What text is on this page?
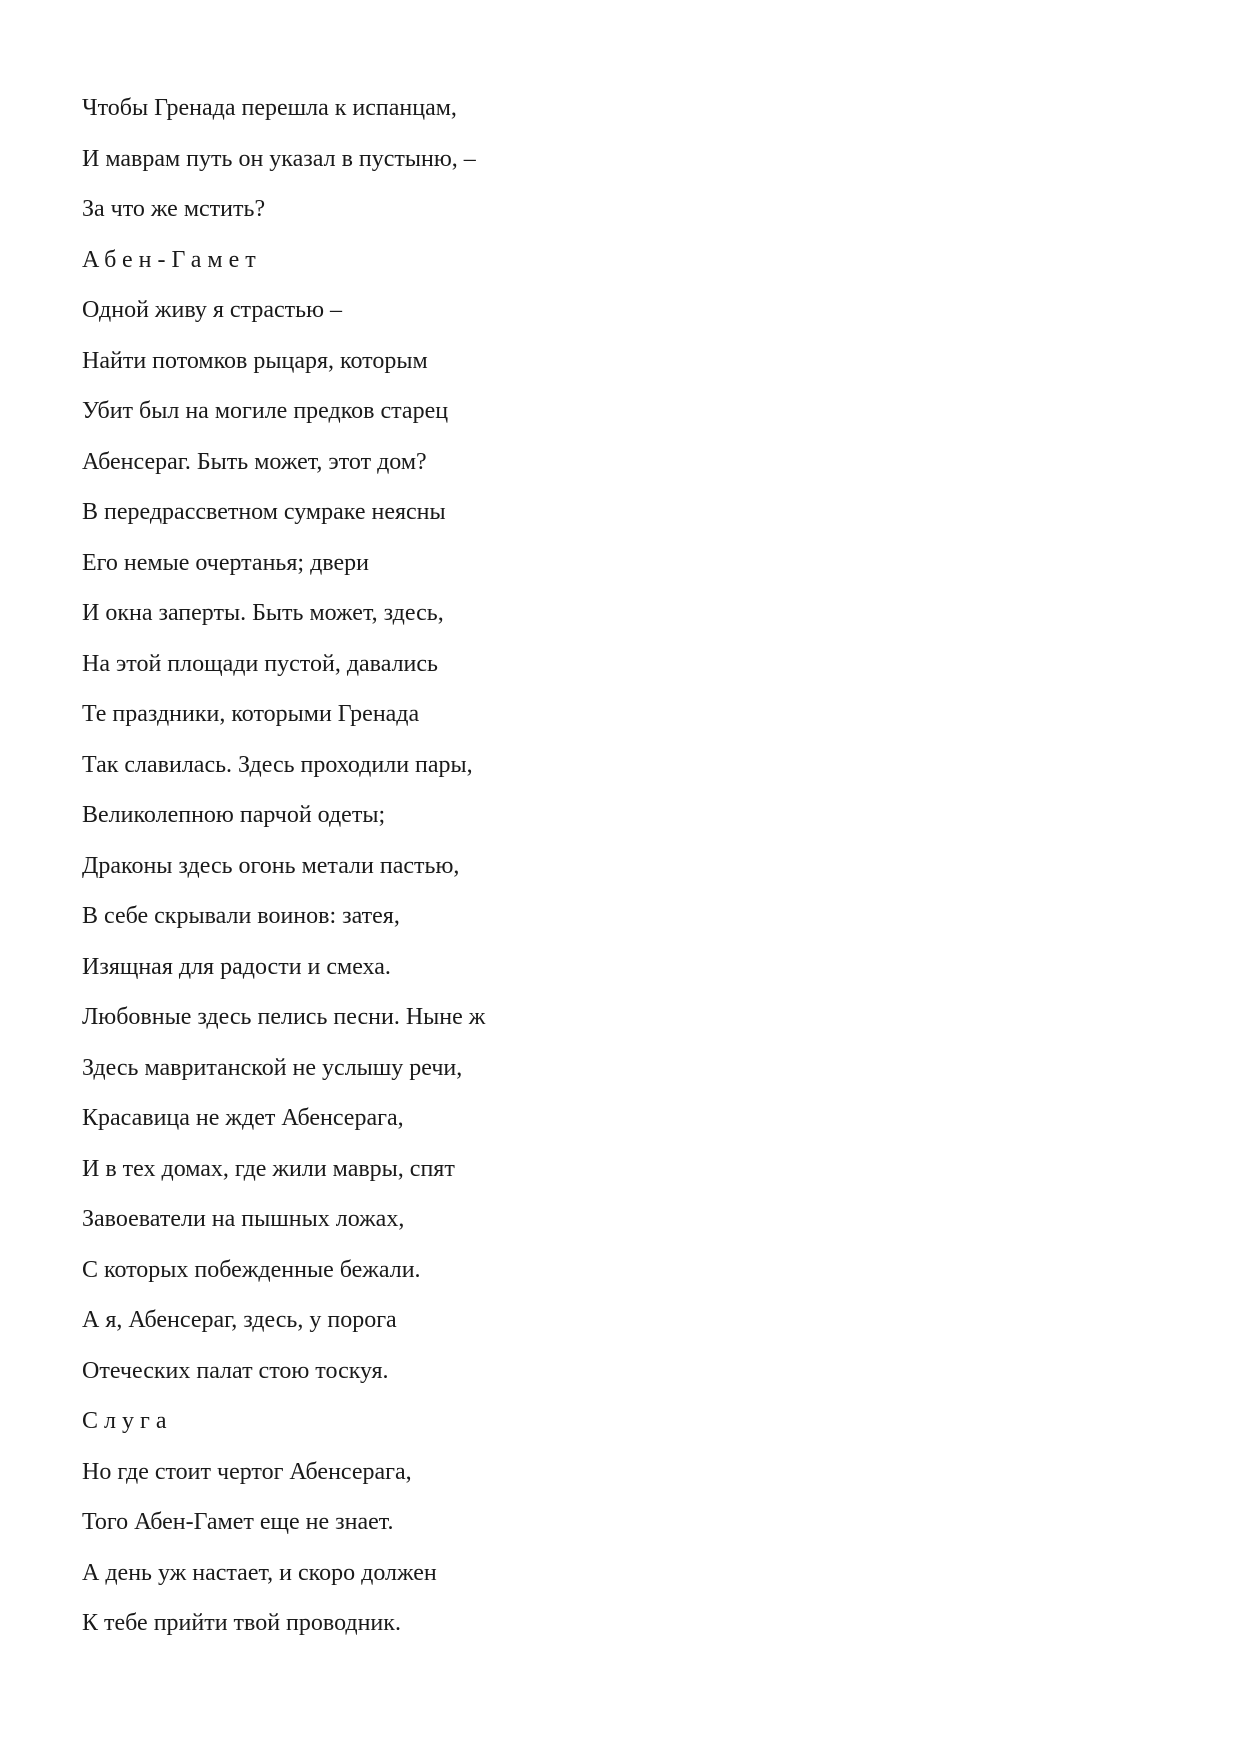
Чтобы Гренада перешла к испанцам,
И маврам путь он указал в пустыню, –
За что же мстить?
Абен-Гамет
Одной живу я страстью –
Найти потомков рыцаря, которым
Убит был на могиле предков старец
Абенсераг. Быть может, этот дом?
В передрассветном сумраке неясны
Его немые очертанья; двери
И окна заперты. Быть может, здесь,
На этой площади пустой, давались
Те праздники, которыми Гренада
Так славилась. Здесь проходили пары,
Великолепною парчой одеты;
Драконы здесь огонь метали пастью,
В себе скрывали воинов: затея,
Изящная для радости и смеха.
Любовные здесь пелись песни. Ныне ж
Здесь мавританской не услышу речи,
Красавица не ждет Абенсерага,
И в тех домах, где жили мавры, спят
Завоеватели на пышных ложах,
С которых побежденные бежали.
А я, Абенсераг, здесь, у порога
Отеческих палат стою тоскуя.
Слуга
Но где стоит чертог Абенсерага,
Того Абен-Гамет еще не знает.
А день уж настает, и скоро должен
К тебе прийти твой проводник.
